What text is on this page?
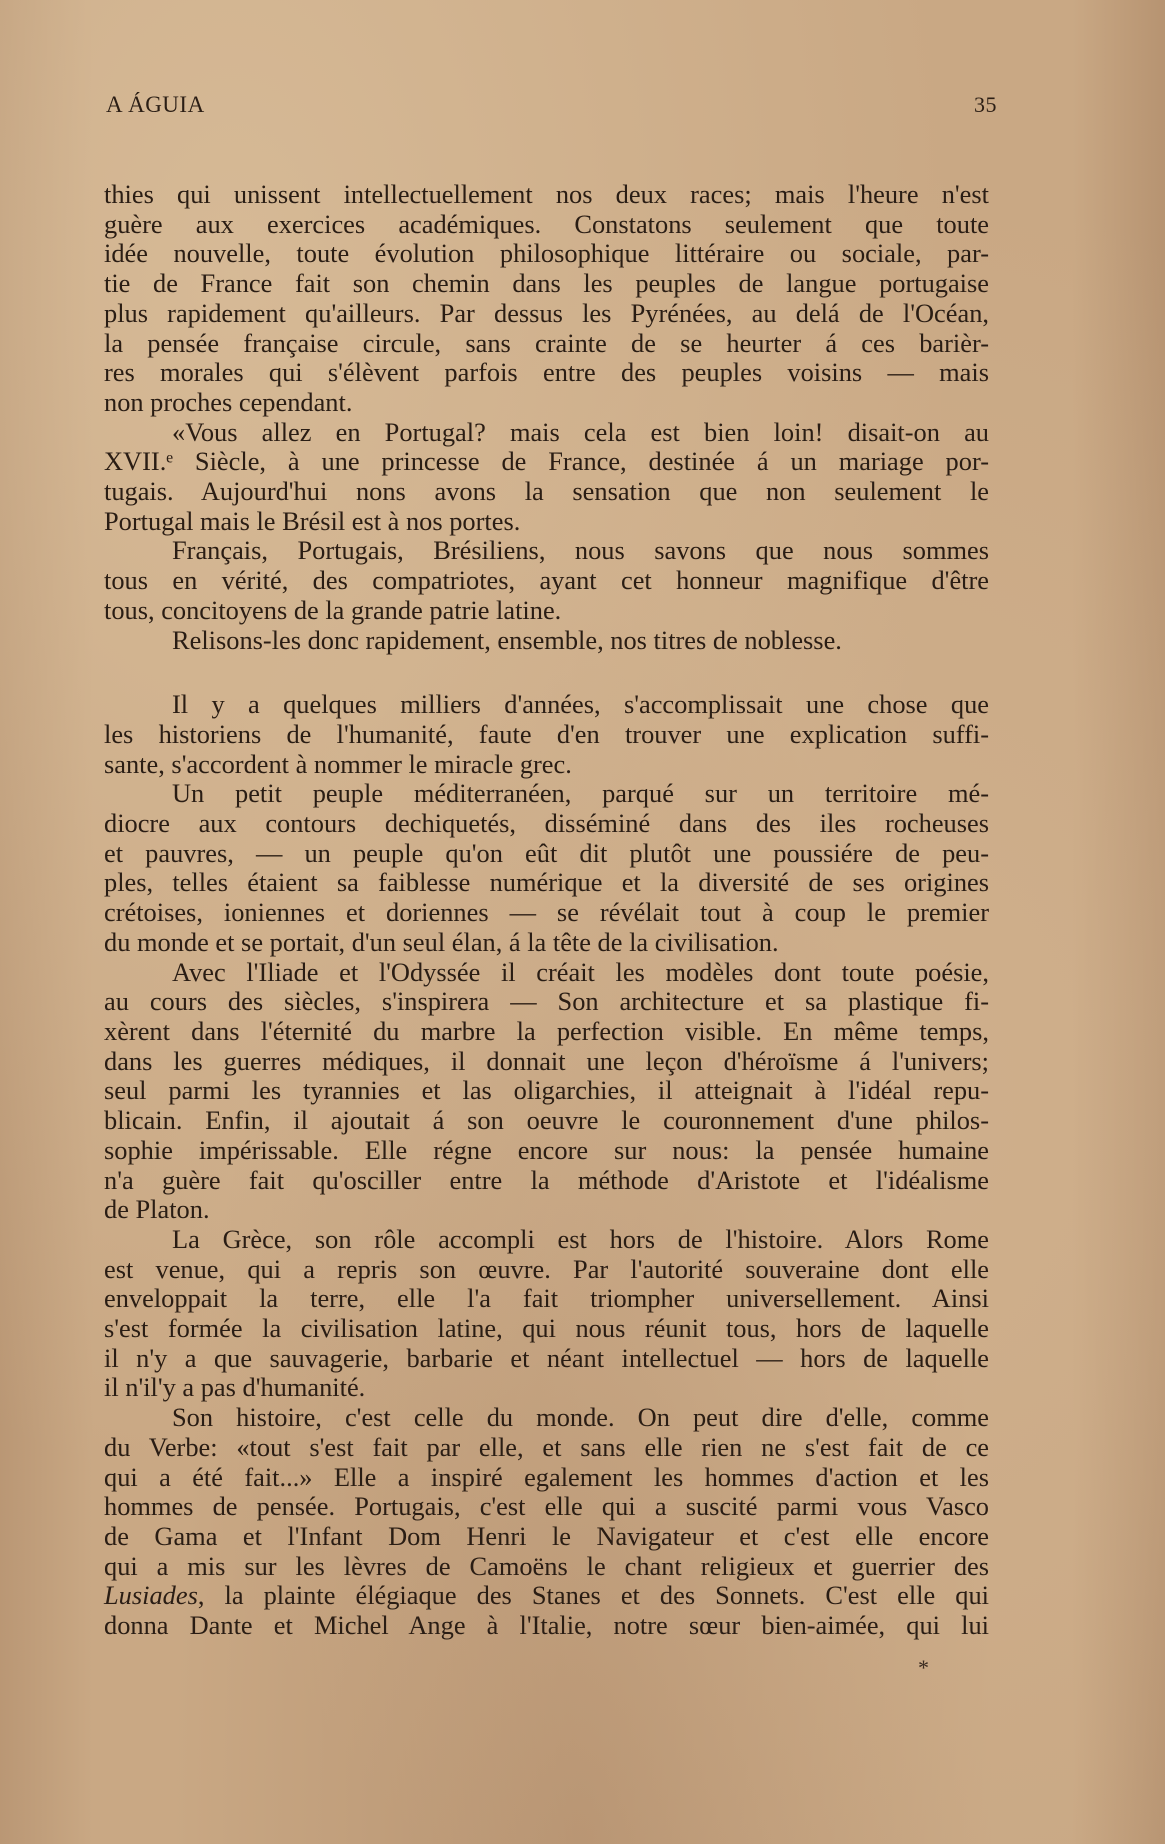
A ÁGUIA	35
thies qui unissent intellectuellement nos deux races; mais l'heure n'est
guère aux exercices académiques. Constatons seulement que toute
idée nouvelle, toute évolution philosophique littéraire ou sociale, par-
tie de France fait son chemin dans les peuples de langue portugaise
plus rapidement qu'ailleurs. Par dessus les Pyrénées, au delá de l'Océan,
la pensée française circule, sans crainte de se heurter á ces barièr-
res morales qui s'élèvent parfois entre des peuples voisins — mais
non proches cependant.
«Vous allez en Portugal? mais cela est bien loin! disait-on au
XVII.ᵉ Siècle, à une princesse de France, destinée á un mariage por-
tugais. Aujourd'hui nons avons la sensation que non seulement le
Portugal mais le Brésil est à nos portes.
Français, Portugais, Brésiliens, nous savons que nous sommes
tous en vérité, des compatriotes, ayant cet honneur magnifique d'être
tous, concitoyens de la grande patrie latine.
Relisons-les donc rapidement, ensemble, nos titres de noblesse.
Il y a quelques milliers d'années, s'accomplissait une chose que
les historiens de l'humanité, faute d'en trouver une explication suffi-
sante, s'accordent à nommer le miracle grec.
Un petit peuple méditerranéen, parqué sur un territoire mé-
diocre aux contours dechiquetés, disséminé dans des iles rocheuses
et pauvres, — un peuple qu'on eût dit plutôt une poussiére de peu-
ples, telles étaient sa faiblesse numérique et la diversité de ses origines
crétoises, ioniennes et doriennes — se révélait tout à coup le premier
du monde et se portait, d'un seul élan, á la tête de la civilisation.
Avec l'Iliade et l'Odyssée il créait les modèles dont toute poésie,
au cours des siècles, s'inspirera — Son architecture et sa plastique fi-
xèrent dans l'éternité du marbre la perfection visible. En même temps,
dans les guerres médiques, il donnait une leçon d'héroïsme á l'univers;
seul parmi les tyrannies et las oligarchies, il atteignait à l'idéal repu-
blicain. Enfin, il ajoutait á son oeuvre le couronnement d'une philos-
sophie impérissable. Elle régne encore sur nous: la pensée humaine
n'a guère fait qu'osciller entre la méthode d'Aristote et l'idéalisme
de Platon.
La Grèce, son rôle accompli est hors de l'histoire. Alors Rome
est venue, qui a repris son œuvre. Par l'autorité souveraine dont elle
enveloppait la terre, elle l'a fait triompher universellement. Ainsi
s'est formée la civilisation latine, qui nous réunit tous, hors de laquelle
il n'y a que sauvagerie, barbarie et néant intellectuel — hors de laquelle
il n'il'y a pas d'humanité.
Son histoire, c'est celle du monde. On peut dire d'elle, comme
du Verbe: «tout s'est fait par elle, et sans elle rien ne s'est fait de ce
qui a été fait...» Elle a inspiré egalement les hommes d'action et les
hommes de pensée. Portugais, c'est elle qui a suscité parmi vous Vasco
de Gama et l'Infant Dom Henri le Navigateur et c'est elle encore
qui a mis sur les lèvres de Camoëns le chant religieux et guerrier des
Lusiades, la plainte élégiaque des Stanes et des Sonnets. C'est elle qui
donna Dante et Michel Ange à l'Italie, notre sœur bien-aimée, qui lui
*
